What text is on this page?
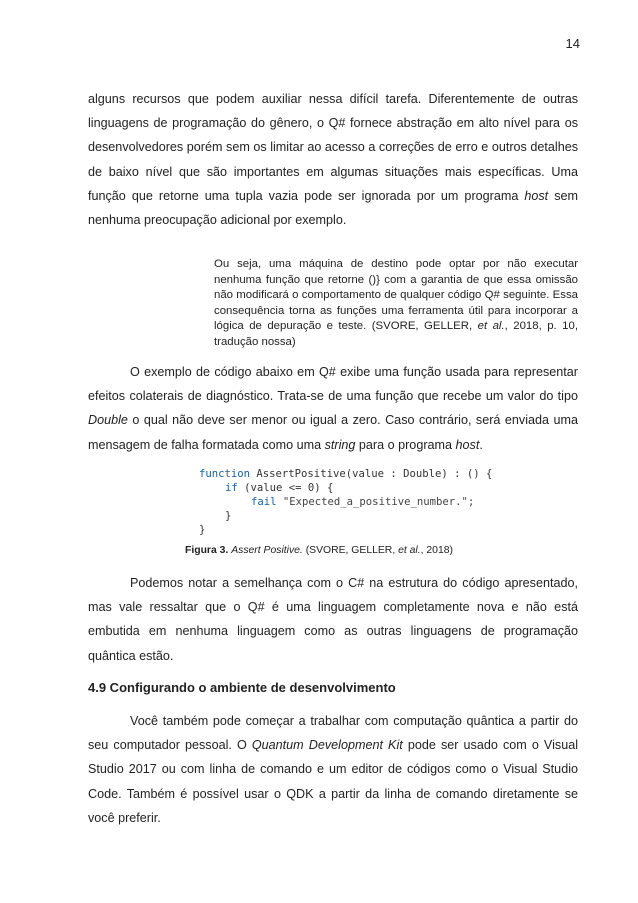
14

alguns recursos que podem auxiliar nessa difícil tarefa. Diferentemente de outras linguagens de programação do gênero, o Q# fornece abstração em alto nível para os desenvolvedores porém sem os limitar ao acesso a correções de erro e outros detalhes de baixo nível que são importantes em algumas situações mais específicas. Uma função que retorne uma tupla vazia pode ser ignorada por um programa host sem nenhuma preocupação adicional por exemplo.

Ou seja, uma máquina de destino pode optar por não executar nenhuma função que retorne ()} com a garantia de que essa omissão não modificará o comportamento de qualquer código Q# seguinte. Essa consequência torna as funções uma ferramenta útil para incorporar a lógica de depuração e teste. (SVORE, GELLER, et al., 2018, p. 10, tradução nossa)

O exemplo de código abaixo em Q# exibe uma função usada para representar efeitos colaterais de diagnóstico. Trata-se de uma função que recebe um valor do tipo Double o qual não deve ser menor ou igual a zero. Caso contrário, será enviada uma mensagem de falha formatada como uma string para o programa host.

function AssertPositive(value : Double) : () {
if (value <= 0) {
fail "Expected_a_positive_number.";
}
}
Figura 3. Assert Positive. (SVORE, GELLER, et al., 2018)

Podemos notar a semelhança com o C# na estrutura do código apresentado, mas vale ressaltar que o Q# é uma linguagem completamente nova e não está embutida em nenhuma linguagem como as outras linguagens de programação quântica estão.

4.9 Configurando o ambiente de desenvolvimento

Você também pode começar a trabalhar com computação quântica a partir do seu computador pessoal. O Quantum Development Kit pode ser usado com o Visual Studio 2017 ou com linha de comando e um editor de códigos como o Visual Studio Code. Também é possível usar o QDK a partir da linha de comando diretamente se você preferir.
